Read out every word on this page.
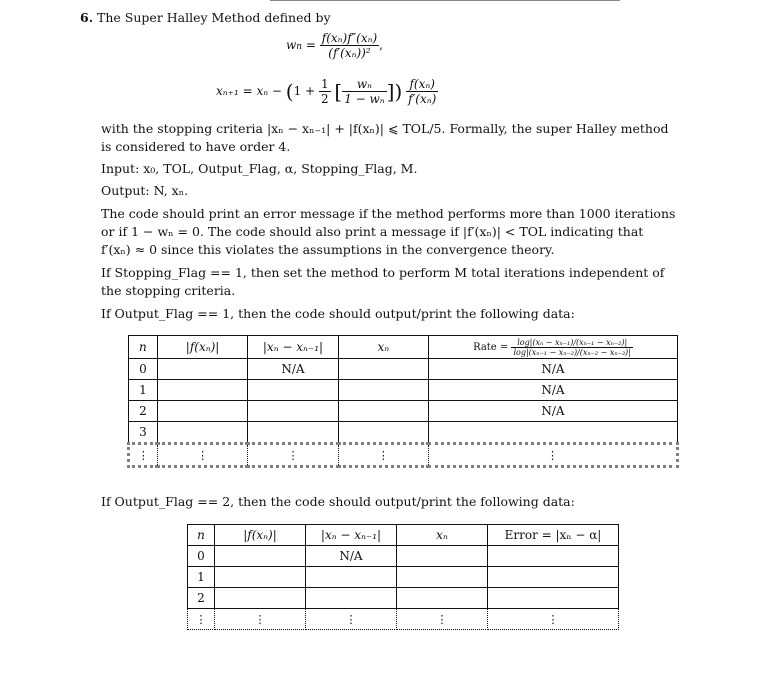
6. The Super Halley Method defined by
wn = $\frac{\text{f(xₙ)f″(xₙ)}}{\text{(f′(xₙ))²}}$ ,
$x_{n+1} = x_n - (1 + \frac{1}{2}$ [ $\frac{\text{wₙ}}{\text{1 − wₙ}}$ ]) $\frac{\text{f(xₙ)}}{\text{f′(xₙ)}}$
with the stopping criteria |xₙ − xₙ₋₁| + |f(xₙ)| ⩽ TOL/5. Formally, the super Halley method
is considered to have order 4.
Input: x₀, TOL, Output_Flag, α, Stopping_Flag, M.
Output: N, xₙ.
The code should print an error message if the method performs more than 1000 iterations
or if 1 − wₙ = 0. The code should also print a message if |f′(xₙ)| < TOL indicating that
f′(xₙ) ≈ 0 since this violates the assumptions in the convergence theory.
If Stopping_Flag == 1, then set the method to perform M total iterations independent of
the stopping criteria.
If Output_Flag == 1, then the code should output/print the following data:
n	|f(xₙ)|	|xₙ − xₙ₋₁|	xₙ	Rate = $\frac{\text{log|(xₙ − xₙ₋₁)/(xₙ₋₁ − xₙ₋₂)|}}{\text{log|(xₙ₋₁ − xₙ₋₂)/(xₙ₋₂ − xₙ₋₃)|}}$

0		N/A		N/A
1				N/A
2				N/A
3				
⋮	⋮	⋮	⋮	⋮
If Output_Flag == 2, then the code should output/print the following data:
n	|f(xₙ)|	|xₙ − xₙ₋₁|	xₙ	Error = |xₙ − α|
0		N/A		
1				
2				
⋮	⋮	⋮	⋮	⋮
